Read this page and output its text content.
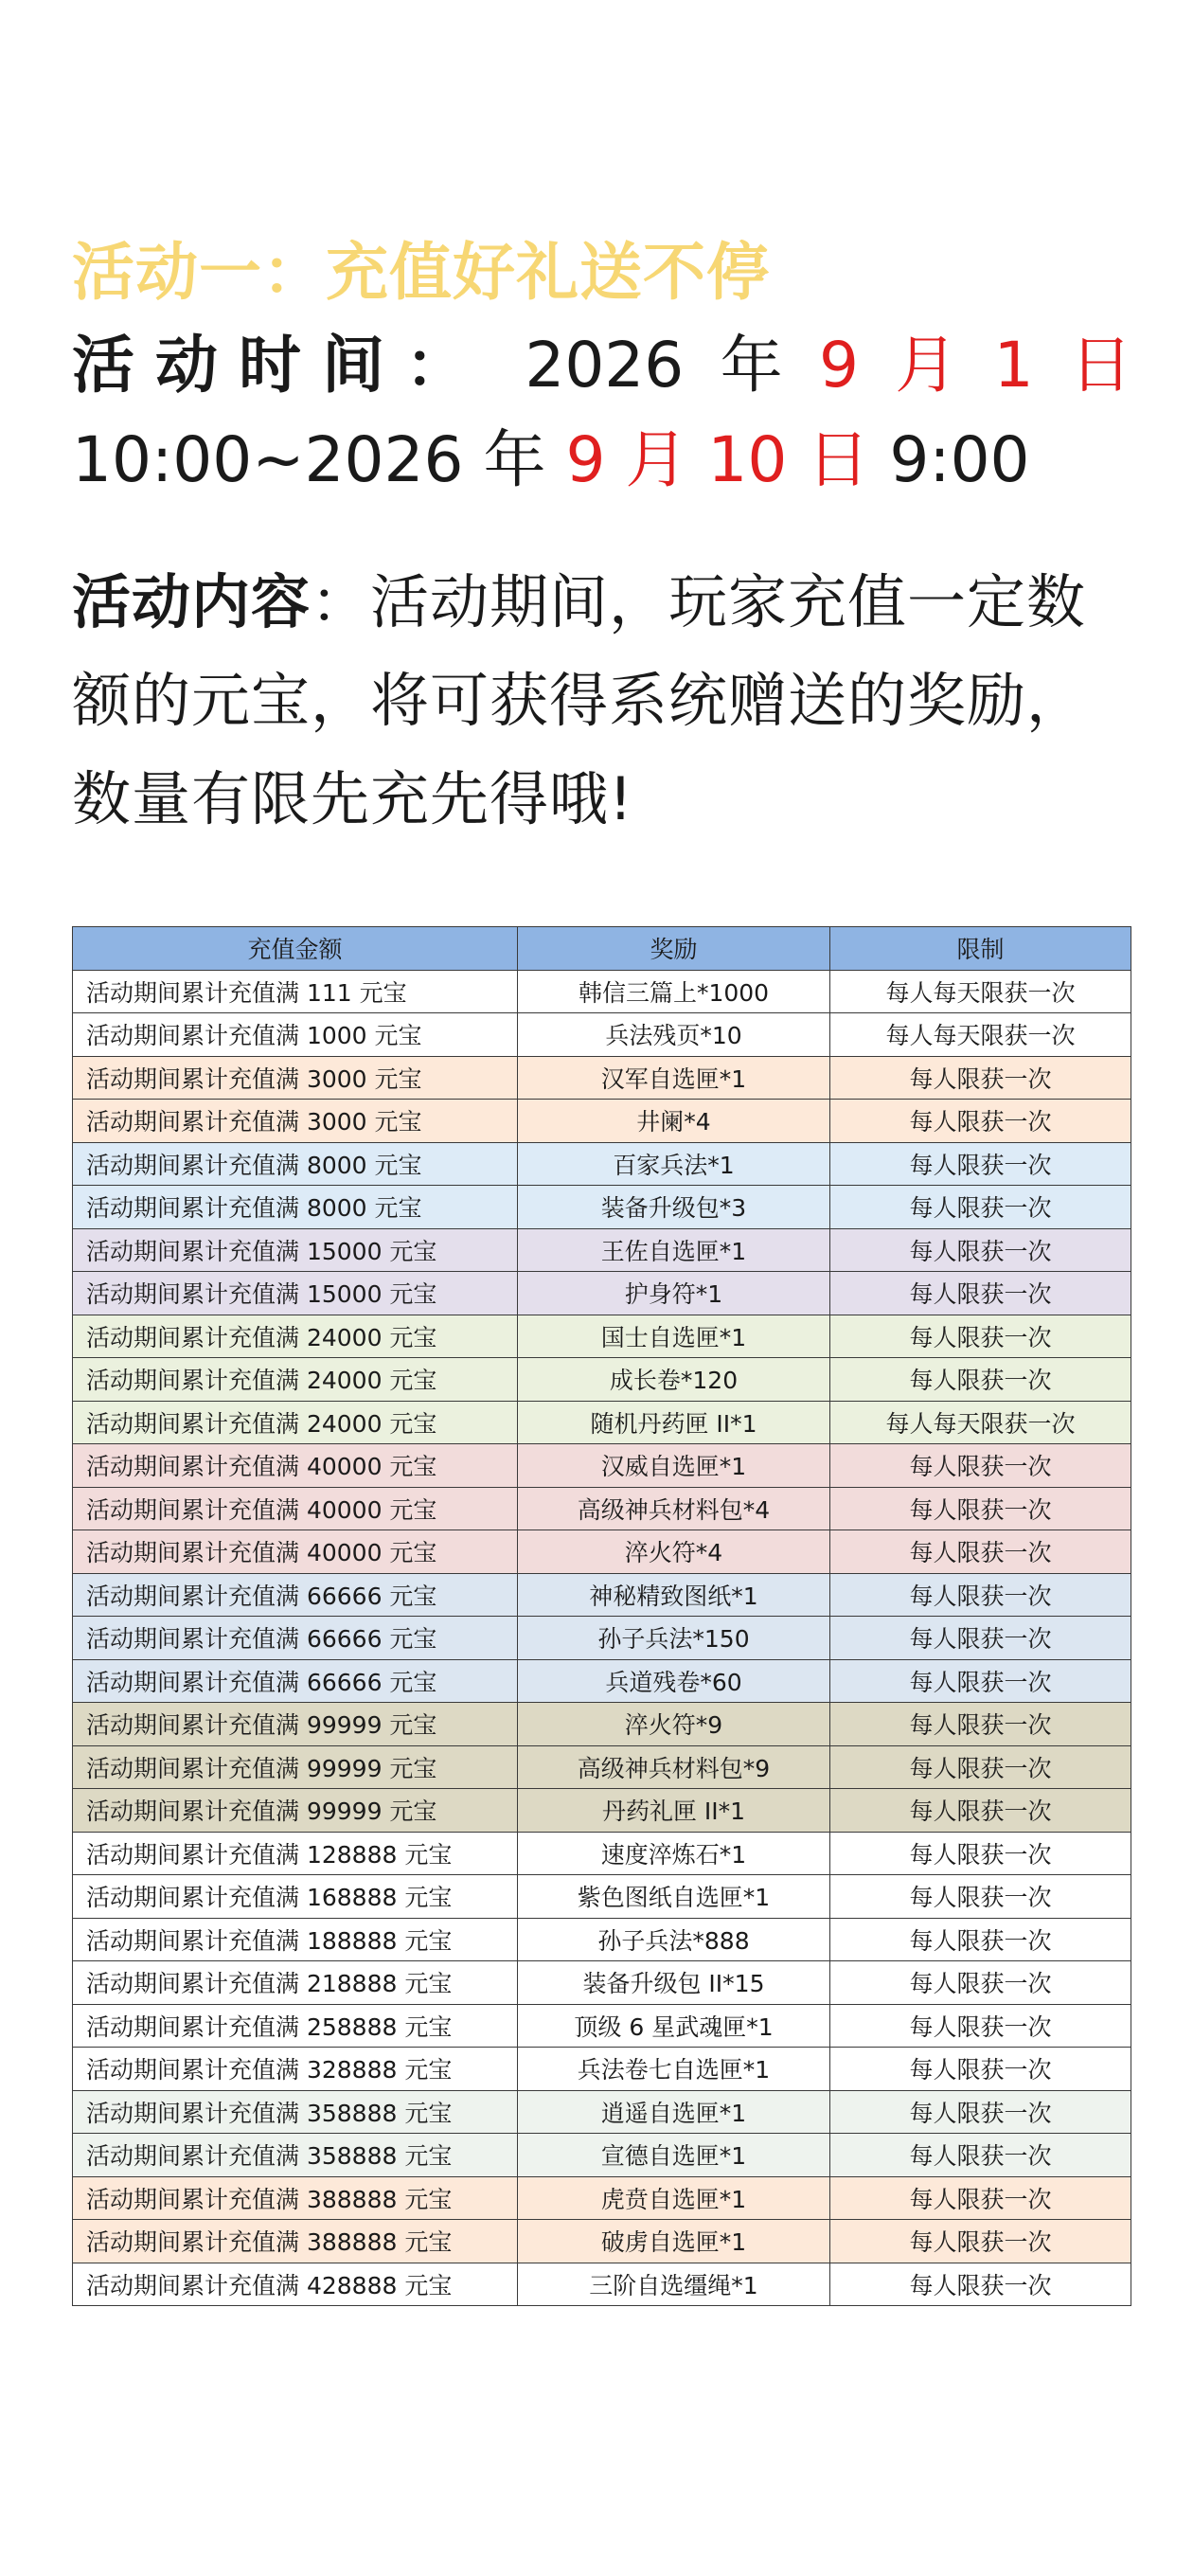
活动一：充值好礼送不停
活动时间： 2026 年 9 月 1 日
10:00~2026 年 9 月 10 日 9:00
活动内容：活动期间，玩家充值一定数额的元宝，将可获得系统赠送的奖励，数量有限先充先得哦!
充值金额	奖励	限制
活动期间累计充值满 111 元宝	韩信三篇上*1000	每人每天限获一次
活动期间累计充值满 1000 元宝	兵法残页*10	每人每天限获一次
活动期间累计充值满 3000 元宝	汉军自选匣*1	每人限获一次
活动期间累计充值满 3000 元宝	井阑*4	每人限获一次
活动期间累计充值满 8000 元宝	百家兵法*1	每人限获一次
活动期间累计充值满 8000 元宝	装备升级包*3	每人限获一次
活动期间累计充值满 15000 元宝	王佐自选匣*1	每人限获一次
活动期间累计充值满 15000 元宝	护身符*1	每人限获一次
活动期间累计充值满 24000 元宝	国士自选匣*1	每人限获一次
活动期间累计充值满 24000 元宝	成长卷*120	每人限获一次
活动期间累计充值满 24000 元宝	随机丹药匣 II*1	每人每天限获一次
活动期间累计充值满 40000 元宝	汉威自选匣*1	每人限获一次
活动期间累计充值满 40000 元宝	高级神兵材料包*4	每人限获一次
活动期间累计充值满 40000 元宝	淬火符*4	每人限获一次
活动期间累计充值满 66666 元宝	神秘精致图纸*1	每人限获一次
活动期间累计充值满 66666 元宝	孙子兵法*150	每人限获一次
活动期间累计充值满 66666 元宝	兵道残卷*60	每人限获一次
活动期间累计充值满 99999 元宝	淬火符*9	每人限获一次
活动期间累计充值满 99999 元宝	高级神兵材料包*9	每人限获一次
活动期间累计充值满 99999 元宝	丹药礼匣 II*1	每人限获一次
活动期间累计充值满 128888 元宝	速度淬炼石*1	每人限获一次
活动期间累计充值满 168888 元宝	紫色图纸自选匣*1	每人限获一次
活动期间累计充值满 188888 元宝	孙子兵法*888	每人限获一次
活动期间累计充值满 218888 元宝	装备升级包 II*15	每人限获一次
活动期间累计充值满 258888 元宝	顶级 6 星武魂匣*1	每人限获一次
活动期间累计充值满 328888 元宝	兵法卷七自选匣*1	每人限获一次
活动期间累计充值满 358888 元宝	逍遥自选匣*1	每人限获一次
活动期间累计充值满 358888 元宝	宣德自选匣*1	每人限获一次
活动期间累计充值满 388888 元宝	虎贲自选匣*1	每人限获一次
活动期间累计充值满 388888 元宝	破虏自选匣*1	每人限获一次
活动期间累计充值满 428888 元宝	三阶自选缰绳*1	每人限获一次
